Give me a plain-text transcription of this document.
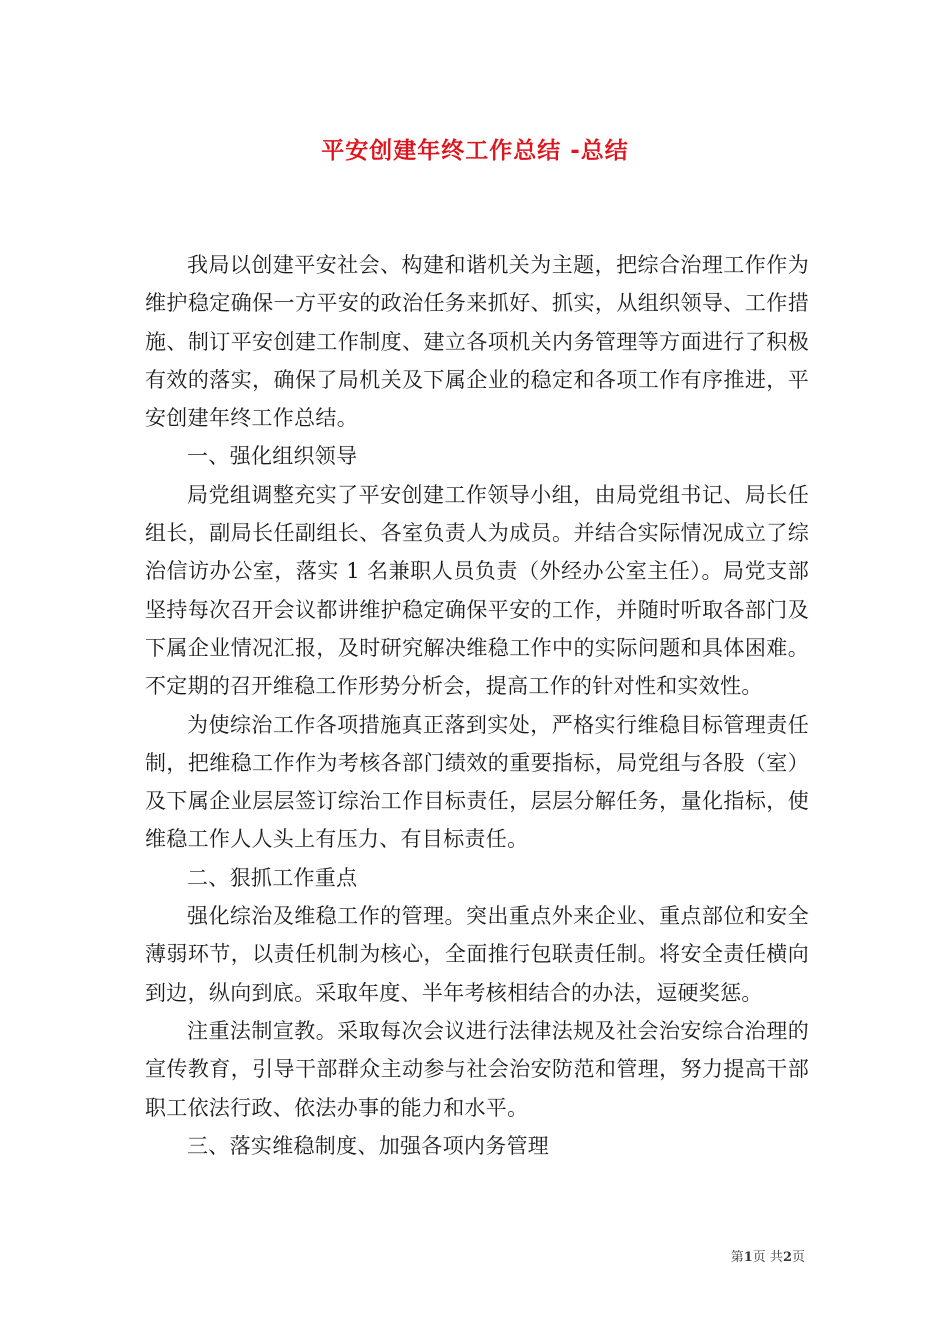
平安创建年终工作总结 -总结

我局以创建平安社会、构建和谐机关为主题，把综合治理工作作为维护稳定确保一方平安的政治任务来抓好、抓实，从组织领导、工作措施、制订平安创建工作制度、建立各项机关内务管理等方面进行了积极有效的落实，确保了局机关及下属企业的稳定和各项工作有序推进，平安创建年终工作总结。

一、强化组织领导

局党组调整充实了平安创建工作领导小组，由局党组书记、局长任组长，副局长任副组长、各室负责人为成员。并结合实际情况成立了综治信访办公室，落实 1 名兼职人员负责（外经办公室主任）。局党支部坚持每次召开会议都讲维护稳定确保平安的工作，并随时听取各部门及下属企业情况汇报，及时研究解决维稳工作中的实际问题和具体困难。不定期的召开维稳工作形势分析会，提高工作的针对性和实效性。

为使综治工作各项措施真正落到实处，严格实行维稳目标管理责任制，把维稳工作作为考核各部门绩效的重要指标，局党组与各股（室）及下属企业层层签订综治工作目标责任，层层分解任务，量化指标，使维稳工作人人头上有压力、有目标责任。

二、狠抓工作重点

强化综治及维稳工作的管理。突出重点外来企业、重点部位和安全薄弱环节，以责任机制为核心，全面推行包联责任制。将安全责任横向到边，纵向到底。采取年度、半年考核相结合的办法，逗硬奖惩。

注重法制宣教。采取每次会议进行法律法规及社会治安综合治理的宣传教育，引导干部群众主动参与社会治安防范和管理，努力提高干部职工依法行政、依法办事的能力和水平。

三、落实维稳制度、加强各项内务管理

第1页 共2页
